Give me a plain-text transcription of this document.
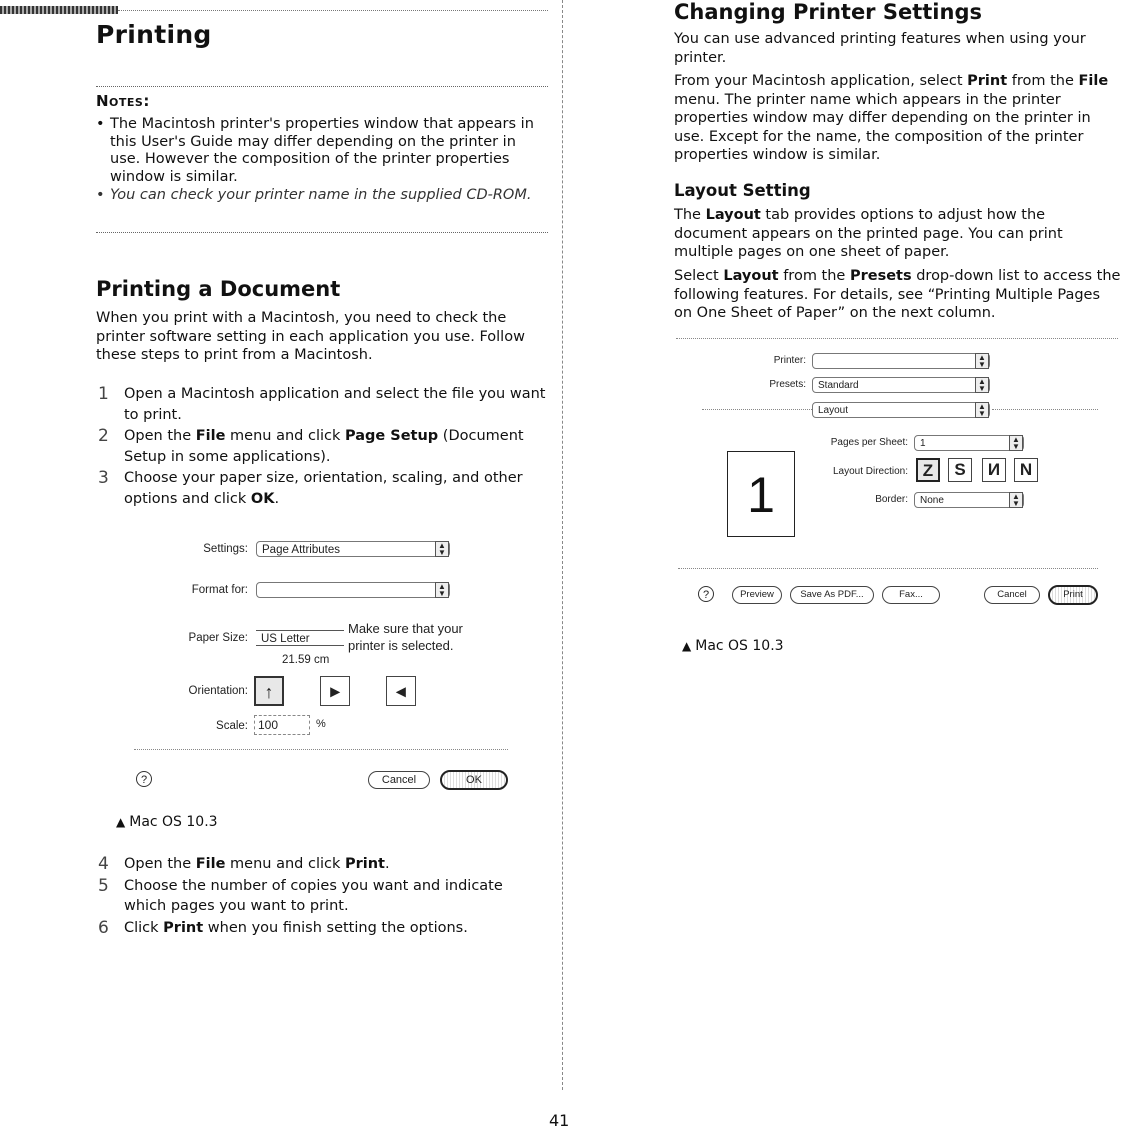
Printing
Notes:
• The Macintosh printer's properties window that appears in this User's Guide may differ depending on the printer in use. However the composition of the printer properties window is similar.
• You can check your printer name in the supplied CD-ROM.
Printing a Document

When you print with a Macintosh, you need to check the printer software setting in each application you use. Follow these steps to print from a Macintosh.

1 Open a Macintosh application and select the file you want to print.
2 Open the File menu and click Page Setup (Document Setup in some applications).
3 Choose your paper size, orientation, scaling, and other options and click OK.
Settings:	Page Attributes	▲
▼
Format for:	▲
▼
Paper Size:	US Letter
21.59 cm
Make sure that your printer is selected.
Orientation: ↑	▸	◂
Scale: 100	%
?	Cancel	OK
▲ Mac OS 10.3
4 Open the File menu and click Print.
5 Choose the number of copies you want and indicate which pages you want to print.
6 Click Print when you finish setting the options.
Changing Printer Settings

You can use advanced printing features when using your printer.

From your Macintosh application, select Print from the File menu. The printer name which appears in the printer properties window may differ depending on the printer in use. Except for the name, the composition of the printer properties window is similar.

Layout Setting

The Layout tab provides options to adjust how the document appears on the printed page. You can print multiple pages on one sheet of paper.

Select Layout from the Presets drop-down list to access the following features. For details, see “Printing Multiple Pages on One Sheet of Paper” on the next column.

Printer:	▲
▼
Presets:	Standard	▲
▼
Layout	▲
▼
Pages per Sheet:	1	▲
▼
Layout Direction: Z	S	И	N
Border:	None	▲
▼
?	Preview	Save As PDF...	Fax...	Cancel	Print
1
▲ Mac OS 10.3
41
